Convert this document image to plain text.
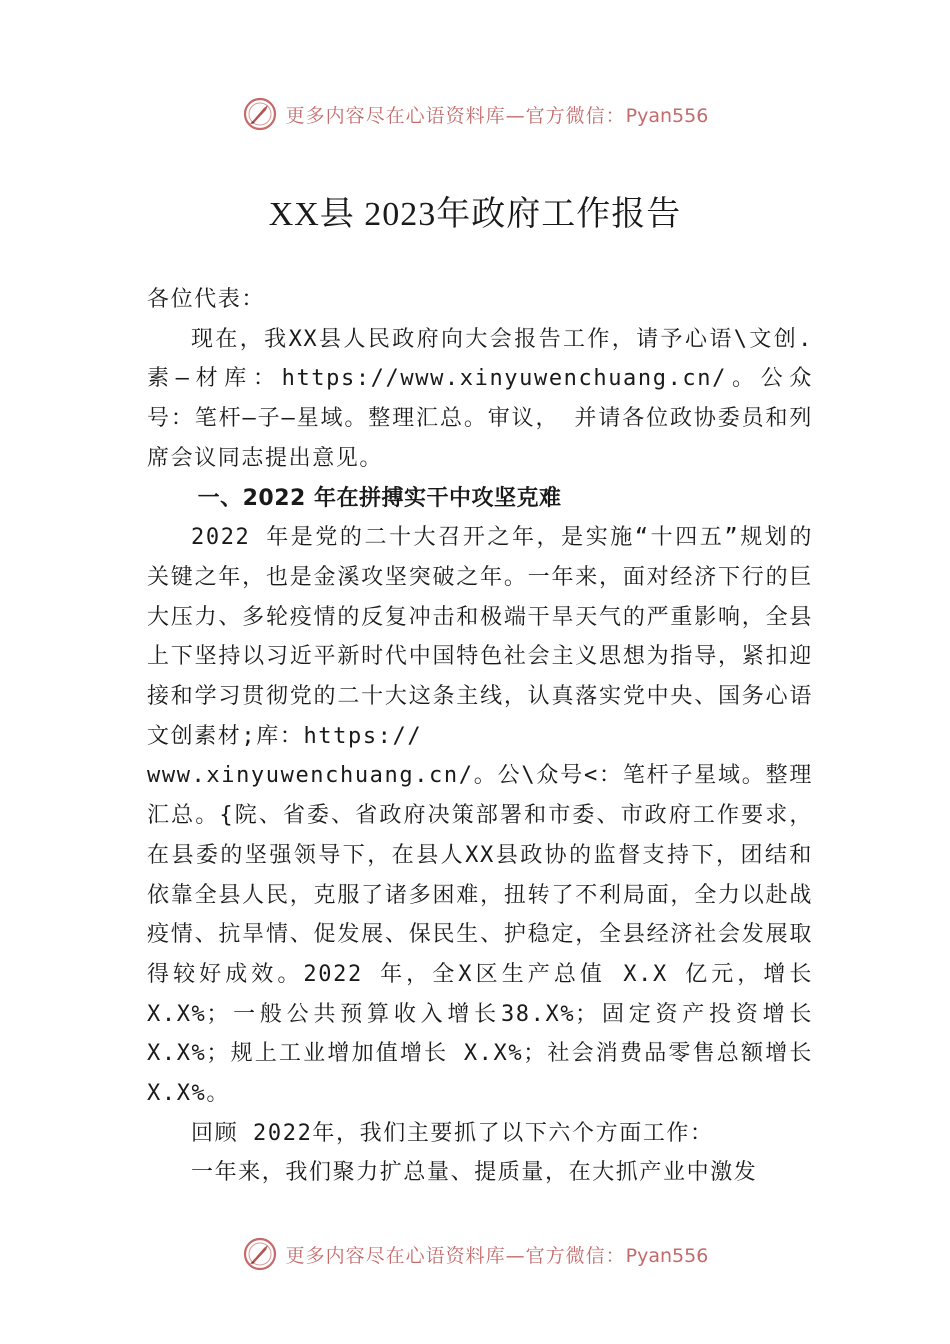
更多内容尽在心语资料库—官方微信：Pyan556
XX县 2023年政府工作报告

各位代表：

现在，我XX县人民政府向大会报告工作，请予心语\文创.素—材库：https://www.xinyuwenchuang.cn/。公众号：笔杆—子—星域。整理汇总。审议， 并请各位政协委员和列席会议同志提出意见。

一、2022 年在拼搏实干中攻坚克难

2022 年是党的二十大召开之年，是实施“十四五”规划的关键之年，也是金溪攻坚突破之年。一年来，面对经济下行的巨大压力、多轮疫情的反复冲击和极端干旱天气的严重影响，全县上下坚持以习近平新时代中国特色社会主义思想为指导，紧扣迎接和学习贯彻党的二十大这条主线，认真落实党中央、国务心语文创素材;库：https://

www.xinyuwenchuang.cn/。公\众号<：笔杆子星域。整理汇总。{院、省委、省政府决策部署和市委、市政府工作要求，在县委的坚强领导下，在县人XX县政协的监督支持下，团结和依靠全县人民，克服了诸多困难，扭转了不利局面，全力以赴战疫情、抗旱情、促发展、保民生、护稳定，全县经济社会发展取得较好成效。2022 年，全X区生产总值 X.X 亿元，增长 X.X%；一般公共预算收入增长38.X%；固定资产投资增长 X.X%；规上工业增加值增长 X.X%；社会消费品零售总额增长 X.X%。

回顾 2022年，我们主要抓了以下六个方面工作：

一年来，我们聚力扩总量、提质量，在大抓产业中激发

更多内容尽在心语资料库—官方微信：Pyan556
